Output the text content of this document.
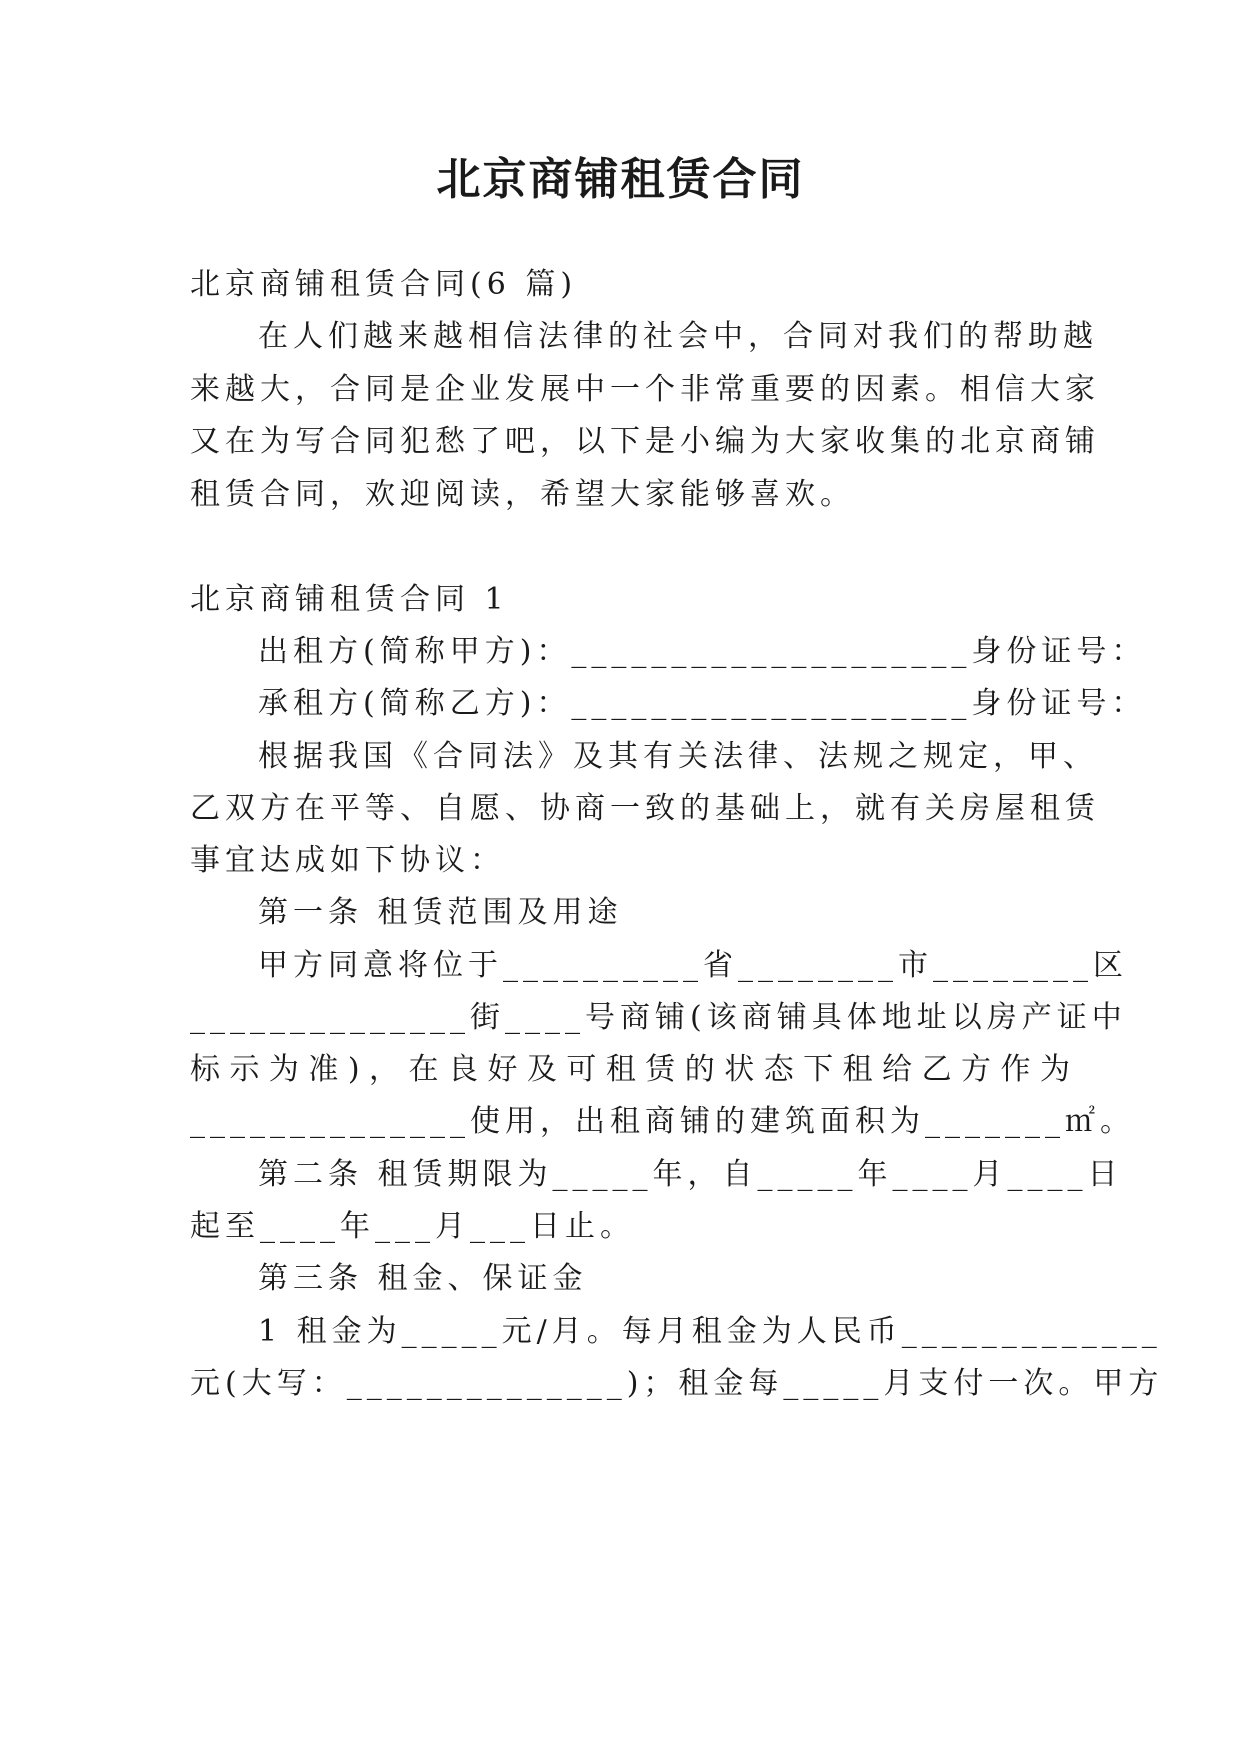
北京商铺租赁合同
北京商铺租赁合同(6 篇)
在人们越来越相信法律的社会中，合同对我们的帮助越
来越大，合同是企业发展中一个非常重要的因素。相信大家
又在为写合同犯愁了吧，以下是小编为大家收集的北京商铺
租赁合同，欢迎阅读，希望大家能够喜欢。
北京商铺租赁合同 1
出租方(简称甲方)：____________________身份证号：
承租方(简称乙方)：____________________身份证号：
根据我国《合同法》及其有关法律、法规之规定，甲、
乙双方在平等、自愿、协商一致的基础上，就有关房屋租赁
事宜达成如下协议：
第一条 租赁范围及用途
甲方同意将位于__________省________市________区
______________街____号商铺(该商铺具体地址以房产证中
标示为准)，在良好及可租赁的状态下租给乙方作为
______________使用，出租商铺的建筑面积为_______㎡。
第二条 租赁期限为_____年，自_____年____月____日
起至____年___月___日止。
第三条 租金、保证金
1 租金为_____元/月。每月租金为人民币_____________
元(大写：______________)；租金每_____月支付一次。甲方
